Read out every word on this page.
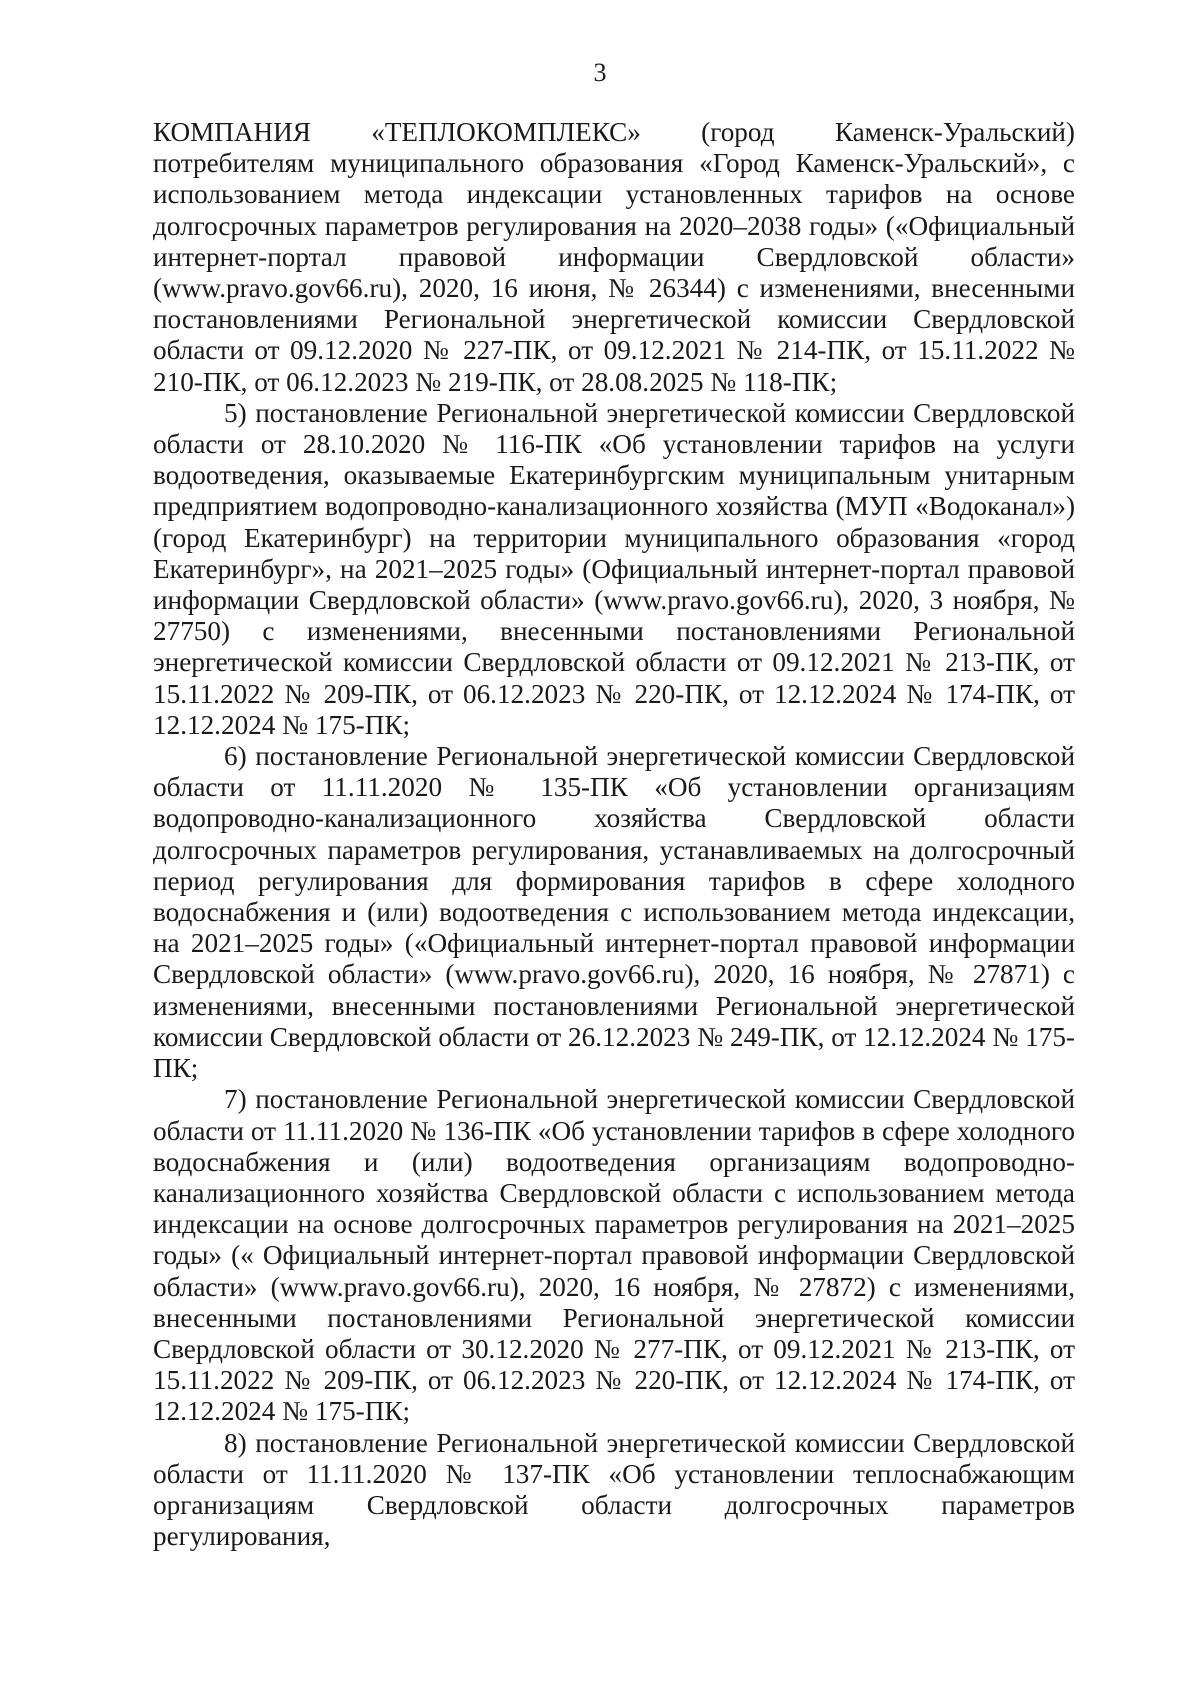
3

КОМПАНИЯ «ТЕПЛОКОМПЛЕКС» (город Каменск-Уральский) потребителям муниципального образования «Город Каменск-Уральский», с использованием метода индексации установленных тарифов на основе долгосрочных параметров регулирования на 2020–2038 годы» («Официальный интернет-портал правовой информации Свердловской области» (www.pravo.gov66.ru), 2020, 16 июня, № 26344) с изменениями, внесенными постановлениями Региональной энергетической комиссии Свердловской области от 09.12.2020 № 227-ПК, от 09.12.2021 № 214-ПК, от 15.11.2022 № 210-ПК, от 06.12.2023 № 219-ПК, от 28.08.2025 № 118-ПК;

5) постановление Региональной энергетической комиссии Свердловской области от 28.10.2020 № 116-ПК «Об установлении тарифов на услуги водоотведения, оказываемые Екатеринбургским муниципальным унитарным предприятием водопроводно-канализационного хозяйства (МУП «Водоканал») (город Екатеринбург) на территории муниципального образования «город Екатеринбург», на 2021–2025 годы» (Официальный интернет-портал правовой информации Свердловской области» (www.pravo.gov66.ru), 2020, 3 ноября, № 27750) с изменениями, внесенными постановлениями Региональной энергетической комиссии Свердловской области от 09.12.2021 № 213-ПК, от 15.11.2022 № 209-ПК, от 06.12.2023 № 220-ПК, от 12.12.2024 № 174-ПК, от 12.12.2024 № 175-ПК;

6) постановление Региональной энергетической комиссии Свердловской области от 11.11.2020 № 135-ПК «Об установлении организациям водопроводно-канализационного хозяйства Свердловской области долгосрочных параметров регулирования, устанавливаемых на долгосрочный период регулирования для формирования тарифов в сфере холодного водоснабжения и (или) водоотведения с использованием метода индексации, на 2021–2025 годы» («Официальный интернет-портал правовой информации Свердловской области» (www.pravo.gov66.ru), 2020, 16 ноября, № 27871) с изменениями, внесенными постановлениями Региональной энергетической комиссии Свердловской области от 26.12.2023 № 249-ПК, от 12.12.2024 № 175-ПК;

7) постановление Региональной энергетической комиссии Свердловской области от 11.11.2020 № 136-ПК «Об установлении тарифов в сфере холодного водоснабжения и (или) водоотведения организациям водопроводно-канализационного хозяйства Свердловской области с использованием метода индексации на основе долгосрочных параметров регулирования на 2021–2025 годы» (« Официальный интернет-портал правовой информации Свердловской области» (www.pravo.gov66.ru), 2020, 16 ноября, № 27872) с изменениями, внесенными постановлениями Региональной энергетической комиссии Свердловской области от 30.12.2020 № 277-ПК, от 09.12.2021 № 213-ПК, от 15.11.2022 № 209-ПК, от 06.12.2023 № 220-ПК, от 12.12.2024 № 174-ПК, от 12.12.2024 № 175-ПК;

8) постановление Региональной энергетической комиссии Свердловской области от 11.11.2020 № 137-ПК «Об установлении теплоснабжающим организациям Свердловской области долгосрочных параметров регулирования,
